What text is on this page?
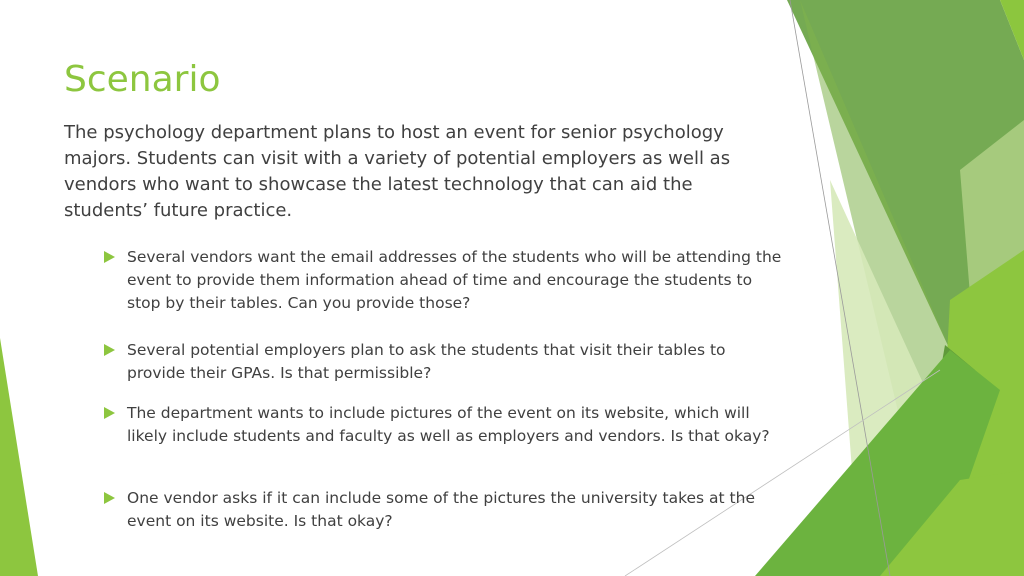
Scenario

The psychology department plans to host an event for senior psychology majors. Students can visit with a variety of potential employers as well as vendors who want to showcase the latest technology that can aid the students’ future practice.

Several vendors want the email addresses of the students who will be attending the event to provide them information ahead of time and encourage the students to stop by their tables. Can you provide those?
Several potential employers plan to ask the students that visit their tables to provide their GPAs. Is that permissible?
The department wants to include pictures of the event on its website, which will likely include students and faculty as well as employers and vendors. Is that okay?
One vendor asks if it can include some of the pictures the university takes at the event on its website. Is that okay?
